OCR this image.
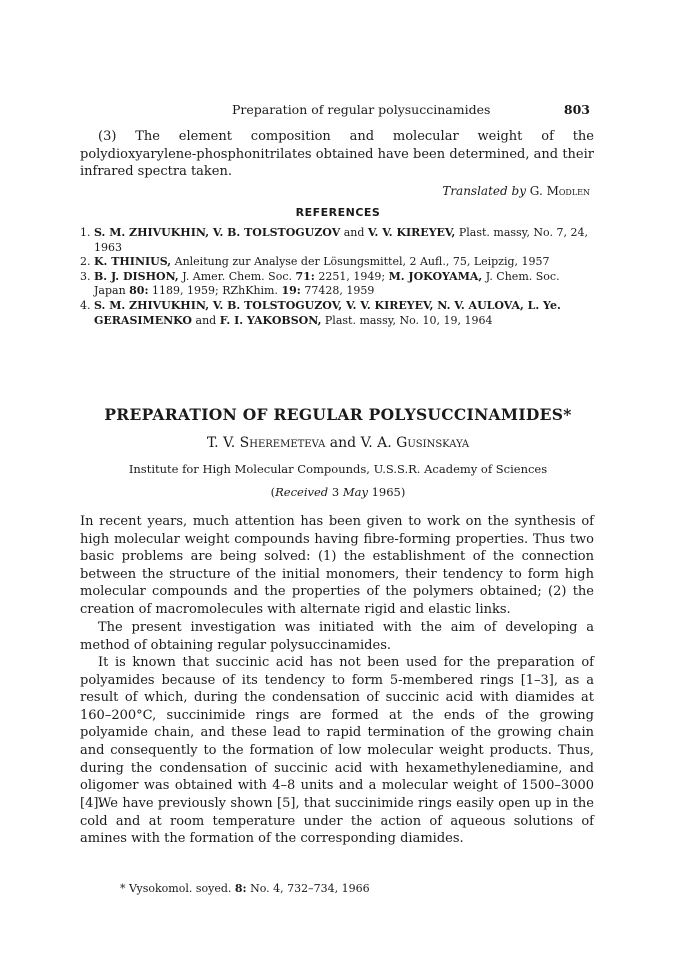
Preparation of regular polysuccinamides	803

(3) The element composition and molecular weight of the polydioxyarylene-phosphonitrilates obtained have been determined, and their infrared spectra taken.

Translated by G. Modlen
REFERENCES
1. S. M. ZHIVUKHIN, V. B. TOLSTOGUZOV and V. V. KIREYEV, Plast. massy, No. 7, 24, 1963
2. K. THINIUS, Anleitung zur Analyse der Lösungsmittel, 2 Aufl., 75, Leipzig, 1957
3. B. J. DISHON, J. Amer. Chem. Soc. 71: 2251, 1949; M. JOKOYAMA, J. Chem. Soc. Japan 80: 1189, 1959; RZhKhim. 19: 77428, 1959
4. S. M. ZHIVUKHIN, V. B. TOLSTOGUZOV, V. V. KIREYEV, N. V. AULOVA, L. Ye. GERASIMENKO and F. I. YAKOBSON, Plast. massy, No. 10, 19, 1964
PREPARATION OF REGULAR POLYSUCCINAMIDES*
T. V. Sheremeteva and V. A. Gusinskaya
Institute for High Molecular Compounds, U.S.S.R. Academy of Sciences
(Received 3 May 1965)

In recent years, much attention has been given to work on the synthesis of high molecular weight compounds having fibre-forming properties. Thus two basic problems are being solved: (1) the establishment of the connection between the structure of the initial monomers, their tendency to form high molecular compounds and the properties of the polymers obtained; (2) the creation of macromolecules with alternate rigid and elastic links.

The present investigation was initiated with the aim of developing a method of obtaining regular polysuccinamides.

It is known that succinic acid has not been used for the preparation of polyamides because of its tendency to form 5-membered rings [1–3], as a result of which, during the condensation of succinic acid with diamides at 160–200°C, succinimide rings are formed at the ends of the growing polyamide chain, and these lead to rapid termination of the growing chain and consequently to the formation of low molecular weight products. Thus, during the condensation of succinic acid with hexamethylenediamine, and oligomer was obtained with 4–8 units and a molecular weight of 1500–3000 [4].

We have previously shown [5], that succinimide rings easily open up in the cold and at room temperature under the action of aqueous solutions of amines with the formation of the corresponding diamides.

* Vysokomol. soyed. 8: No. 4, 732–734, 1966
